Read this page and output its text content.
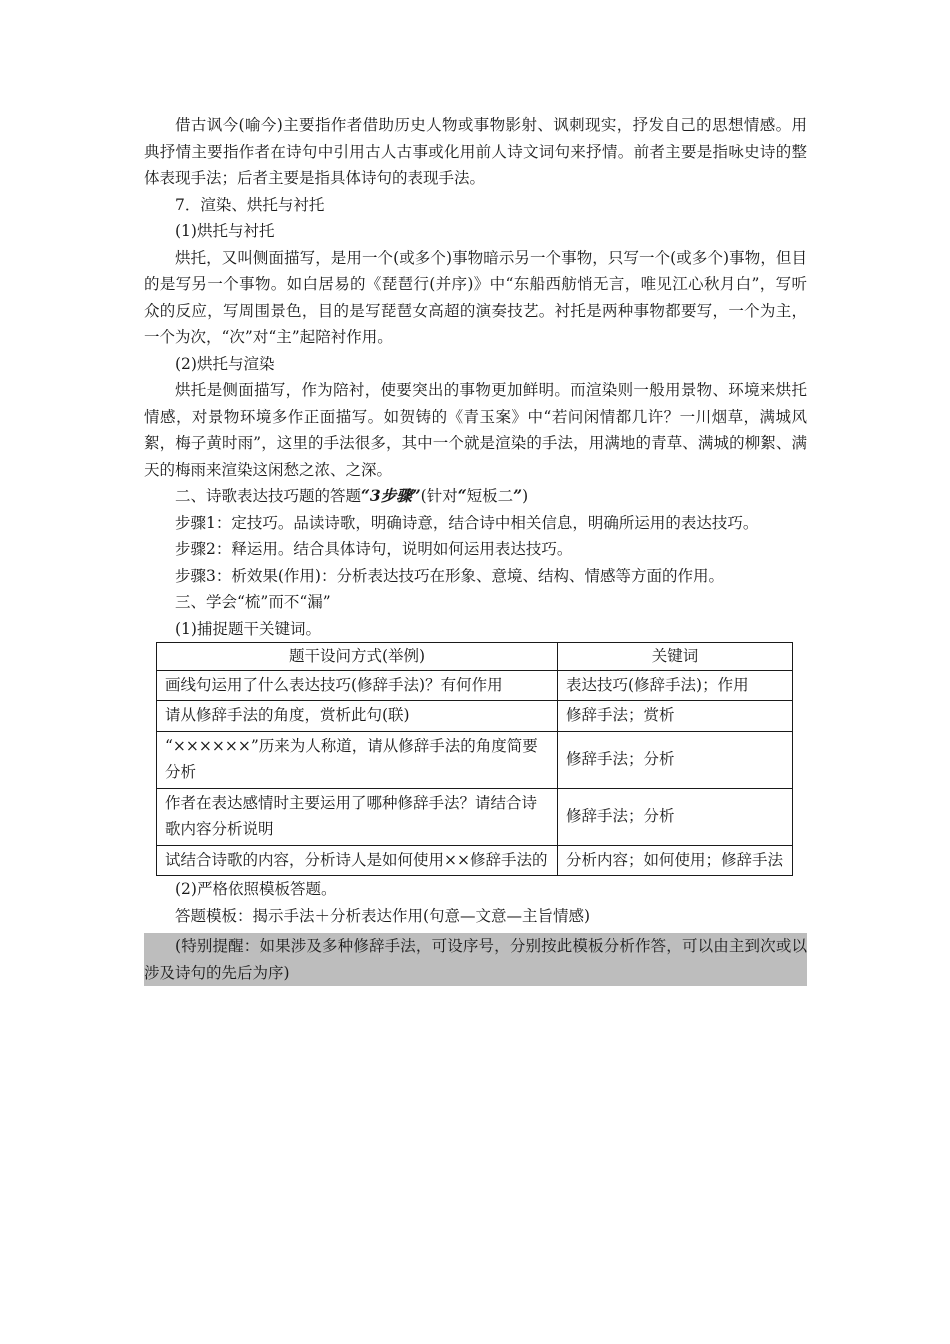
借古讽今(喻今)主要指作者借助历史人物或事物影射、讽刺现实，抒发自己的思想情感。用典抒情主要指作者在诗句中引用古人古事或化用前人诗文词句来抒情。前者主要是指咏史诗的整体表现手法；后者主要是指具体诗句的表现手法。

7．渲染、烘托与衬托

(1)烘托与衬托

烘托，又叫侧面描写，是用一个(或多个)事物暗示另一个事物，只写一个(或多个)事物，但目的是写另一个事物。如白居易的《琵琶行(并序)》中“东船西舫悄无言，唯见江心秋月白”，写听众的反应，写周围景色，目的是写琵琶女高超的演奏技艺。衬托是两种事物都要写，一个为主，一个为次，“次”对“主”起陪衬作用。

(2)烘托与渲染

烘托是侧面描写，作为陪衬，使要突出的事物更加鲜明。而渲染则一般用景物、环境来烘托情感，对景物环境多作正面描写。如贺铸的《青玉案》中“若问闲情都几许？一川烟草，满城风絮，梅子黄时雨”，这里的手法很多，其中一个就是渲染的手法，用满地的青草、满城的柳絮、满天的梅雨来渲染这闲愁之浓、之深。

二、诗歌表达技巧题的答题“3步骤”(针对“短板二”)

步骤1：定技巧。品读诗歌，明确诗意，结合诗中相关信息，明确所运用的表达技巧。

步骤2：释运用。结合具体诗句，说明如何运用表达技巧。

步骤3：析效果(作用)：分析表达技巧在形象、意境、结构、情感等方面的作用。

三、学会“梳”而不“漏”

(1)捕捉题干关键词。

题干设问方式(举例)	关键词
画线句运用了什么表达技巧(修辞手法)？有何作用	表达技巧(修辞手法)；作用
请从修辞手法的角度，赏析此句(联)	修辞手法；赏析
“××××××”历来为人称道，请从修辞手法的角度简要分析	修辞手法；分析
作者在表达感情时主要运用了哪种修辞手法？请结合诗歌内容分析说明	修辞手法；分析
试结合诗歌的内容，分析诗人是如何使用××修辞手法的	分析内容；如何使用；修辞手法

(2)严格依照模板答题。

答题模板：揭示手法＋分析表达作用(句意—文意—主旨情感)

(特别提醒：如果涉及多种修辞手法，可设序号，分别按此模板分析作答，可以由主到次或以涉及诗句的先后为序)
